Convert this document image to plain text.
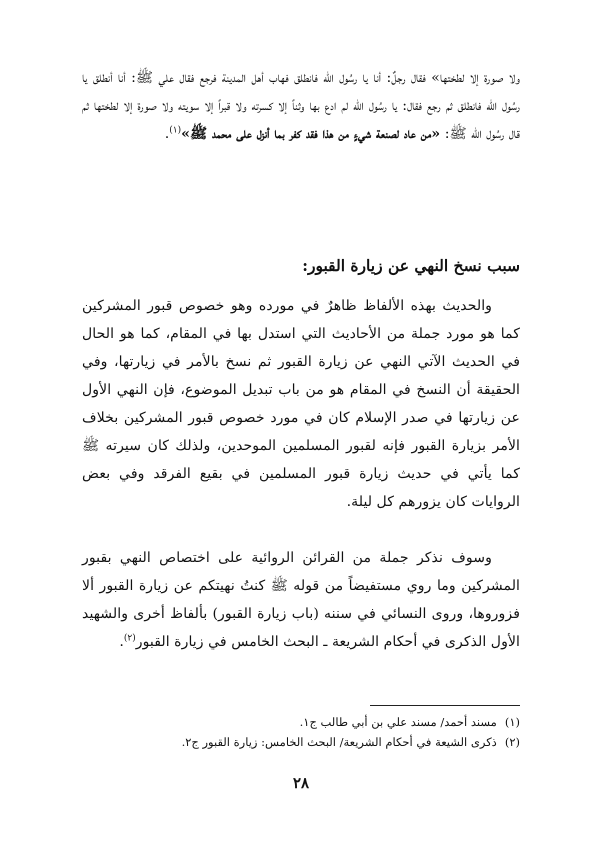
ولا صورة إلا لطختها» فقال رجلٌ: أنا يا رسُول الله فانطلق فهاب أهل المدينة فرجع فقال علي ﷺ: أنا أنطلق يا رسُول الله فانطلق ثم رجع فقال: يا رسُول الله لم ادع بها وثناً إلا كسرته ولا قبراً إلا سويته ولا صورة إلا لطختها ثم قال رسُول الله ﷺ: «من عاد لصنعة شيءٍ من هذا فقد كفر بما أنزل على محمد ﷺ»$^{(١)}$.

سبب نسخ النهي عن زيارة القبور:

والحديث بهذه الألفاظ ظاهرٌ في مورده وهو خصوص قبور المشركين كما هو مورد جملة من الأحاديث التي استدل بها في المقام، كما هو الحال في الحديث الآتي النهي عن زيارة القبور ثم نسخ بالأمر في زيارتها، وفي الحقيقة أن النسخ في المقام هو من باب تبديل الموضوع، فإن النهي الأول عن زيارتها في صدر الإسلام كان في مورد خصوص قبور المشركين بخلاف الأمر بزيارة القبور فإنه لقبور المسلمين الموحدين، ولذلك كان سيرته ﷺ كما يأتي في حديث زيارة قبور المسلمين في بقيع الفرقد وفي بعض الروايات كان يزورهم كل ليلة.

وسوف نذكر جملة من القرائن الروائية على اختصاص النهي بقبور المشركين وما روي مستفيضاً من قوله ﷺ كنتُ نهيتكم عن زيارة القبور ألا فزوروها، وروى النسائي في سننه (باب زيارة القبور) بألفاظ أخرى والشهيد الأول الذكرى في أحكام الشريعة ـ البحث الخامس في زيارة القبور$^{(٢)}$.

(١)مسند أحمد/ مسند علي بن أبي طالب ج١.

(٢)ذكرى الشيعة في أحكام الشريعة/ البحث الخامس: زيارة القبور ج٢.

٢٨
